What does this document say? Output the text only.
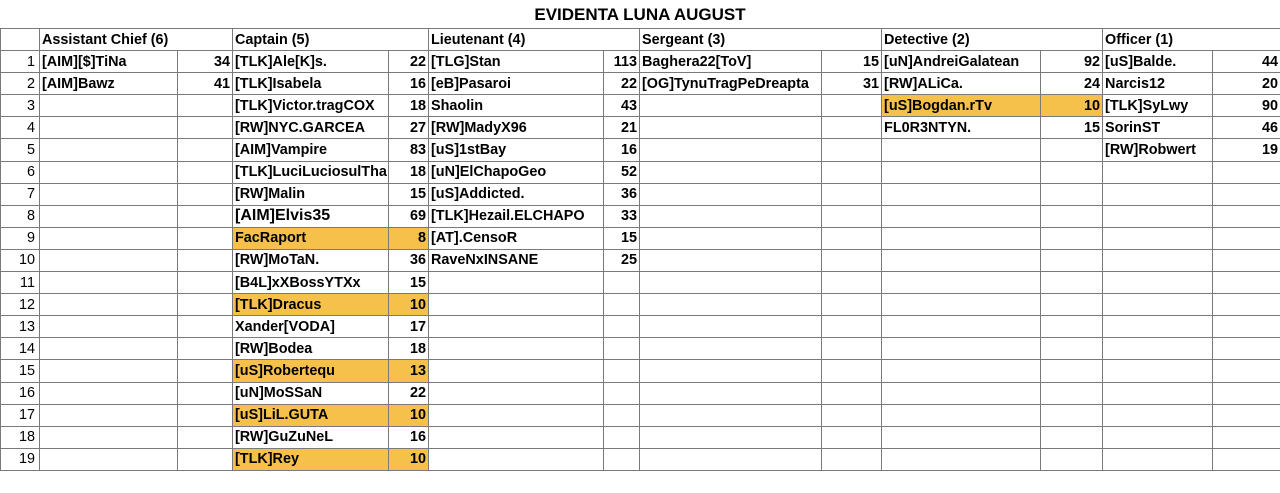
EVIDENTA LUNA AUGUST
	Assistant Chief (6)		Captain (5)		Lieutenant (4)		Sergeant (3)		Detective (2)		Officer (1)	
1	[AIM][$]TiNa	34	[TLK]Ale[K]s.	22	[TLG]Stan	113	Baghera22[ToV]	15	[uN]AndreiGalatean	92	[uS]Balde.	44
2	[AIM]Bawz	41	[TLK]Isabela	16	[eB]Pasaroi	22	[OG]TynuTragPeDreapta	31	[RW]ALiCa.	24	Narcis12	20
3			[TLK]Victor.tragCOX	18	Shaolin	43			[uS]Bogdan.rTv	10	[TLK]SyLwy	90
4			[RW]NYC.GARCEA	27	[RW]MadyX96	21			FL0R3NTYN.	15	SorinST	46
5			[AIM]Vampire	83	[uS]1stBay	16					[RW]Robwert	19
6			[TLK]LuciLuciosulTha	18	[uN]ElChapoGeo	52						
7			[RW]Malin	15	[uS]Addicted.	36						
8			[AIM]Elvis35	69	[TLK]Hezail.ELCHAPO	33						
9			FacRaport	8	[AT].CensoR	15						
10			[RW]MoTaN.	36	RaveNxINSANE	25						
11			[B4L]xXBossYTXx	15								
12			[TLK]Dracus	10								
13			Xander[VODA]	17								
14			[RW]Bodea	18								
15			[uS]Robertequ	13								
16			[uN]MoSSaN	22								
17			[uS]LiL.GUTA	10								
18			[RW]GuZuNeL	16								
19			[TLK]Rey	10								
